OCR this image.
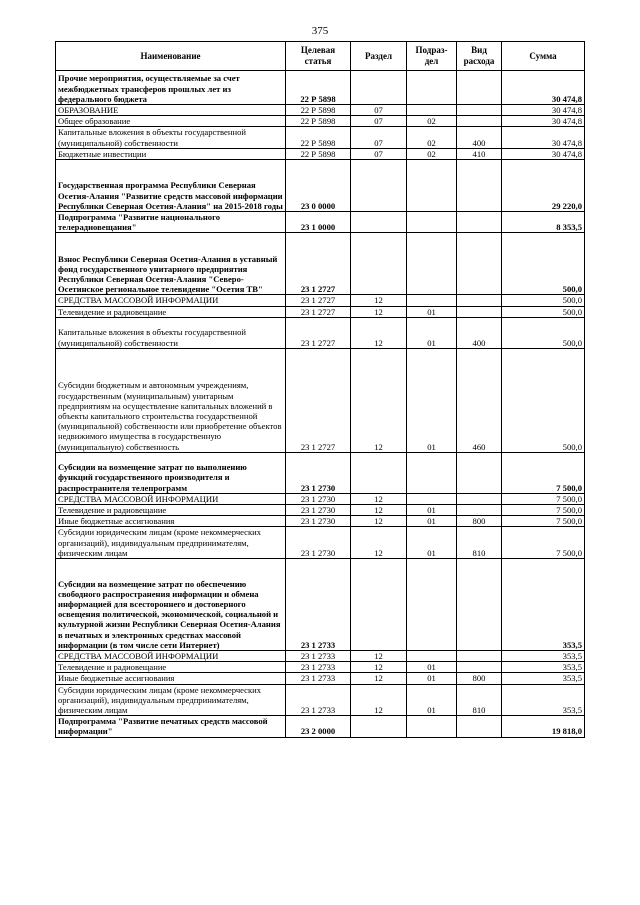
375
Наименование	Целевая статья	Раздел	Подраз-дел	Вид расхода	Сумма
Прочие мероприятия, осуществляемые за счет межбюджетных трансферов прошлых лет из федерального бюджета	22 Р 5898				30 474,8
ОБРАЗОВАНИЕ	22 Р 5898	07			30 474,8
Общее образование	22 Р 5898	07	02		30 474,8
Капитальные вложения в объекты государственной (муниципальной) собственности	22 Р 5898	07	02	400	30 474,8
Бюджетные инвестиции	22 Р 5898	07	02	410	30 474,8
Государственная программа Республики Северная Осетия-Алания "Развитие средств массовой информации Республики Северная Осетия-Алания" на 2015-2018 годы	23 0 0000				29 220,0
Подпрограмма "Развитие национального телерадиовещания"	23 1 0000				8 353,5
Взнос Республики Северная Осетия-Алания в уставный фонд государственного унитарного предприятия Республики Северная Осетия-Алания "Северо-Осетинское региональное телевидение "Осетия ТВ"	23 1 2727				500,0
СРЕДСТВА МАССОВОЙ ИНФОРМАЦИИ	23 1 2727	12			500,0
Телевидение и радиовещание	23 1 2727	12	01		500,0
Капитальные вложения в объекты государственной (муниципальной) собственности	23 1 2727	12	01	400	500,0
Субсидии бюджетным и автономным учреждениям, государственным (муниципальным) унитарным предприятиям на осуществление капитальных вложений в объекты капитального строительства государственной (муниципальной) собственности или приобретение объектов недвижимого имущества в государственную (муниципальную) собственность	23 1 2727	12	01	460	500,0
Субсидии на возмещение затрат по выполнению функций государственного производителя и распространителя телепрограмм	23 1 2730				7 500,0
СРЕДСТВА МАССОВОЙ ИНФОРМАЦИИ	23 1 2730	12			7 500,0
Телевидение и радиовещание	23 1 2730	12	01		7 500,0
Иные бюджетные ассигнования	23 1 2730	12	01	800	7 500,0
Субсидии юридическим лицам (кроме некоммерческих организаций), индивидуальным предпринимателям, физическим лицам	23 1 2730	12	01	810	7 500,0
Субсидии на возмещение затрат по обеспечению свободного распространения информации и обмена информацией для всестороннего и достоверного освещения политической, экономической, социальной и культурной жизни Республики Северная Осетия-Алания в печатных и электронных средствах массовой информации (в том числе сети Интернет)	23 1 2733				353,5
СРЕДСТВА МАССОВОЙ ИНФОРМАЦИИ	23 1 2733	12			353,5
Телевидение и радиовещание	23 1 2733	12	01		353,5
Иные бюджетные ассигнования	23 1 2733	12	01	800	353,5
Субсидии юридическим лицам (кроме некоммерческих организаций), индивидуальным предпринимателям, физическим лицам	23 1 2733	12	01	810	353,5
Подпрограмма "Развитие печатных средств массовой информации"	23 2 0000				19 818,0
